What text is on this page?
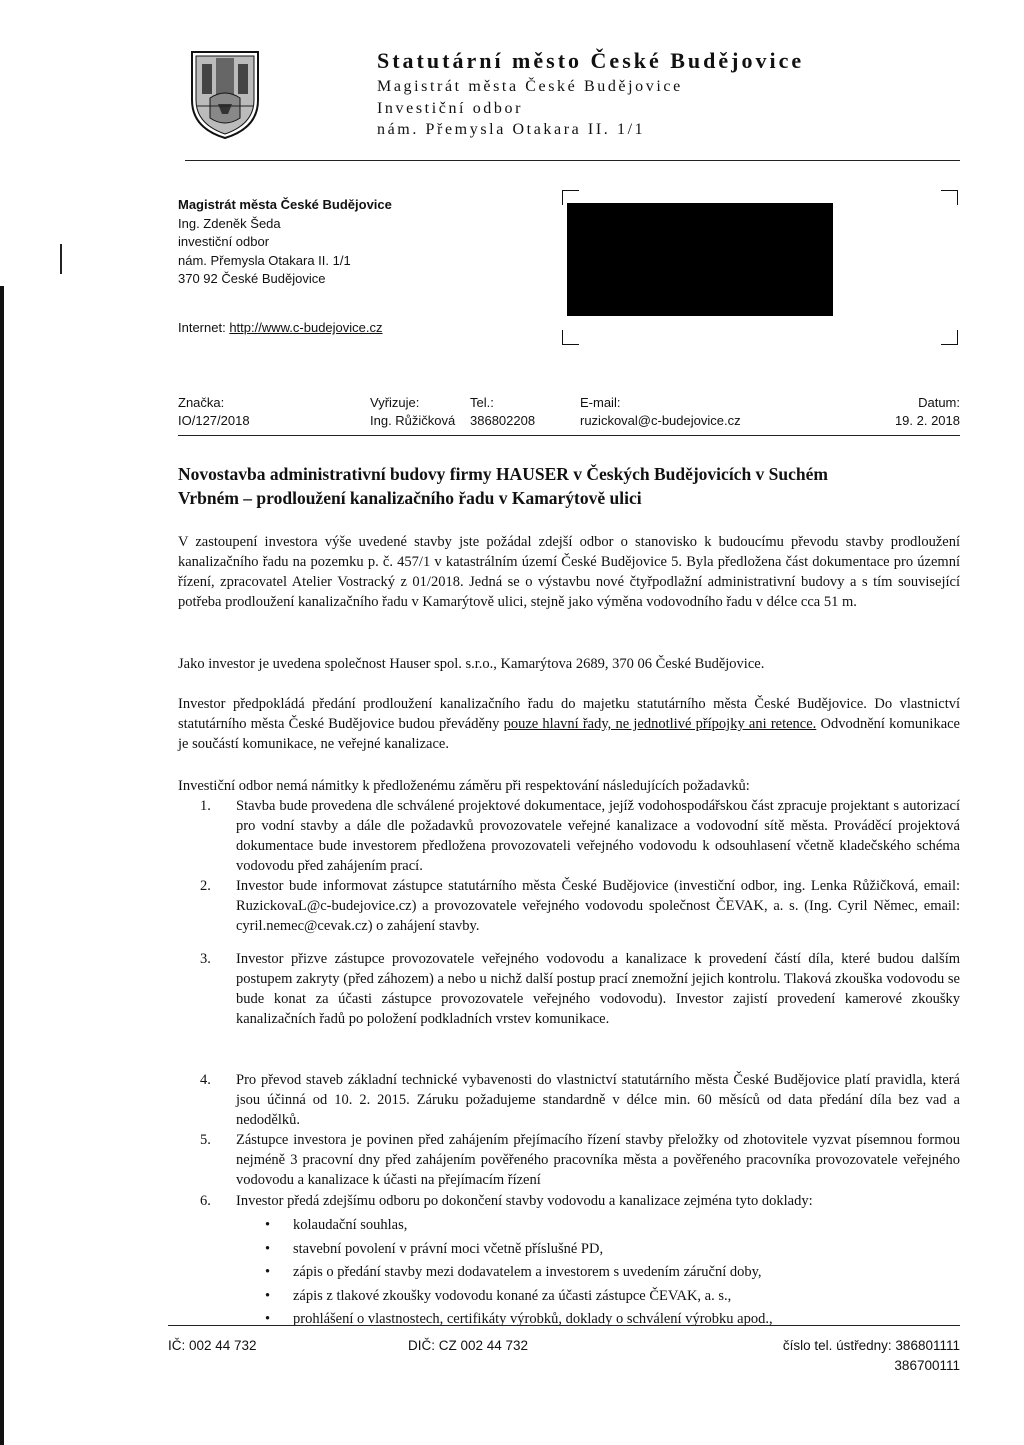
Statutární město České Budějovice
Magistrát města České Budějovice
Investiční odbor
nám. Přemysla Otakara II. 1/1
Magistrát města České Budějovice
Ing. Zdeněk Šeda
investiční odbor
nám. Přemysla Otakara II. 1/1
370 92 České Budějovice
Internet: http://www.c-budejovice.cz
Značka:
IO/127/2018
Vyřizuje:
Ing. Růžičková
Tel.:
386802208
E-mail:
ruzickoval@c-budejovice.cz
Datum:
19. 2. 2018
Novostavba administrativní budovy firmy HAUSER v Českých Budějovicích v Suchém
Vrbném – prodloužení kanalizačního řadu v Kamarýtově ulici
V zastoupení investora výše uvedené stavby jste požádal zdejší odbor o stanovisko k budoucímu převodu stavby prodloužení kanalizačního řadu na pozemku p. č. 457/1 v katastrálním území České Budějovice 5. Byla předložena část dokumentace pro územní řízení, zpracovatel Atelier Vostracký z 01/2018. Jedná se o výstavbu nové čtyřpodlažní administrativní budovy a s tím související potřeba prodloužení kanalizačního řadu v Kamarýtově ulici, stejně jako výměna vodovodního řadu v délce cca 51 m.
Jako investor je uvedena společnost Hauser spol. s.r.o., Kamarýtova 2689, 370 06 České Budějovice.
Investor předpokládá předání prodloužení kanalizačního řadu do majetku statutárního města České Budějovice. Do vlastnictví statutárního města České Budějovice budou převáděny pouze hlavní řady, ne jednotlivé přípojky ani retence. Odvodnění komunikace je součástí komunikace, ne veřejné kanalizace.
Investiční odbor nemá námitky k předloženému záměru při respektování následujících požadavků:
1.	Stavba bude provedena dle schválené projektové dokumentace, jejíž vodohospodářskou část zpracuje projektant s autorizací pro vodní stavby a dále dle požadavků provozovatele veřejné kanalizace a vodovodní sítě města. Prováděcí projektová dokumentace bude investorem předložena provozovateli veřejného vodovodu k odsouhlasení včetně kladečského schéma vodovodu před zahájením prací.
2.	Investor bude informovat zástupce statutárního města České Budějovice (investiční odbor, ing. Lenka Růžičková, email: RuzickovaL@c-budejovice.cz) a provozovatele veřejného vodovodu společnost ČEVAK, a. s. (Ing. Cyril Němec, email: cyril.nemec@cevak.cz) o zahájení stavby.
3.	Investor přizve zástupce provozovatele veřejného vodovodu a kanalizace k provedení částí díla, které budou dalším postupem zakryty (před záhozem) a nebo u nichž další postup prací znemožní jejich kontrolu. Tlaková zkouška vodovodu se bude konat za účasti zástupce provozovatele veřejného vodovodu). Investor zajistí provedení kamerové zkoušky kanalizačních řadů po položení podkladních vrstev komunikace.
4.	Pro převod staveb základní technické vybavenosti do vlastnictví statutárního města České Budějovice platí pravidla, která jsou účinná od 10. 2. 2015. Záruku požadujeme standardně v délce min. 60 měsíců od data předání díla bez vad a nedodělků.
5.	Zástupce investora je povinen před zahájením přejímacího řízení stavby přeložky od zhotovitele vyzvat písemnou formou nejméně 3 pracovní dny před zahájením pověřeného pracovníka města a pověřeného pracovníka provozovatele veřejného vodovodu a kanalizace k účasti na přejímacím řízení
6.	Investor předá zdejšímu odboru po dokončení stavby vodovodu a kanalizace zejména tyto doklady:
•	kolaudační souhlas,
•	stavební povolení v právní moci včetně příslušné PD,
•	zápis o předání stavby mezi dodavatelem a investorem s uvedením záruční doby,
•	zápis z tlakové zkoušky vodovodu konané za účasti zástupce ČEVAK, a. s.,
•	prohlášení o vlastnostech, certifikáty výrobků, doklady o schválení výrobku apod.,
IČ: 002 44 732	DIČ: CZ 002 44 732	číslo tel. ústředny: 386801111
386700111
